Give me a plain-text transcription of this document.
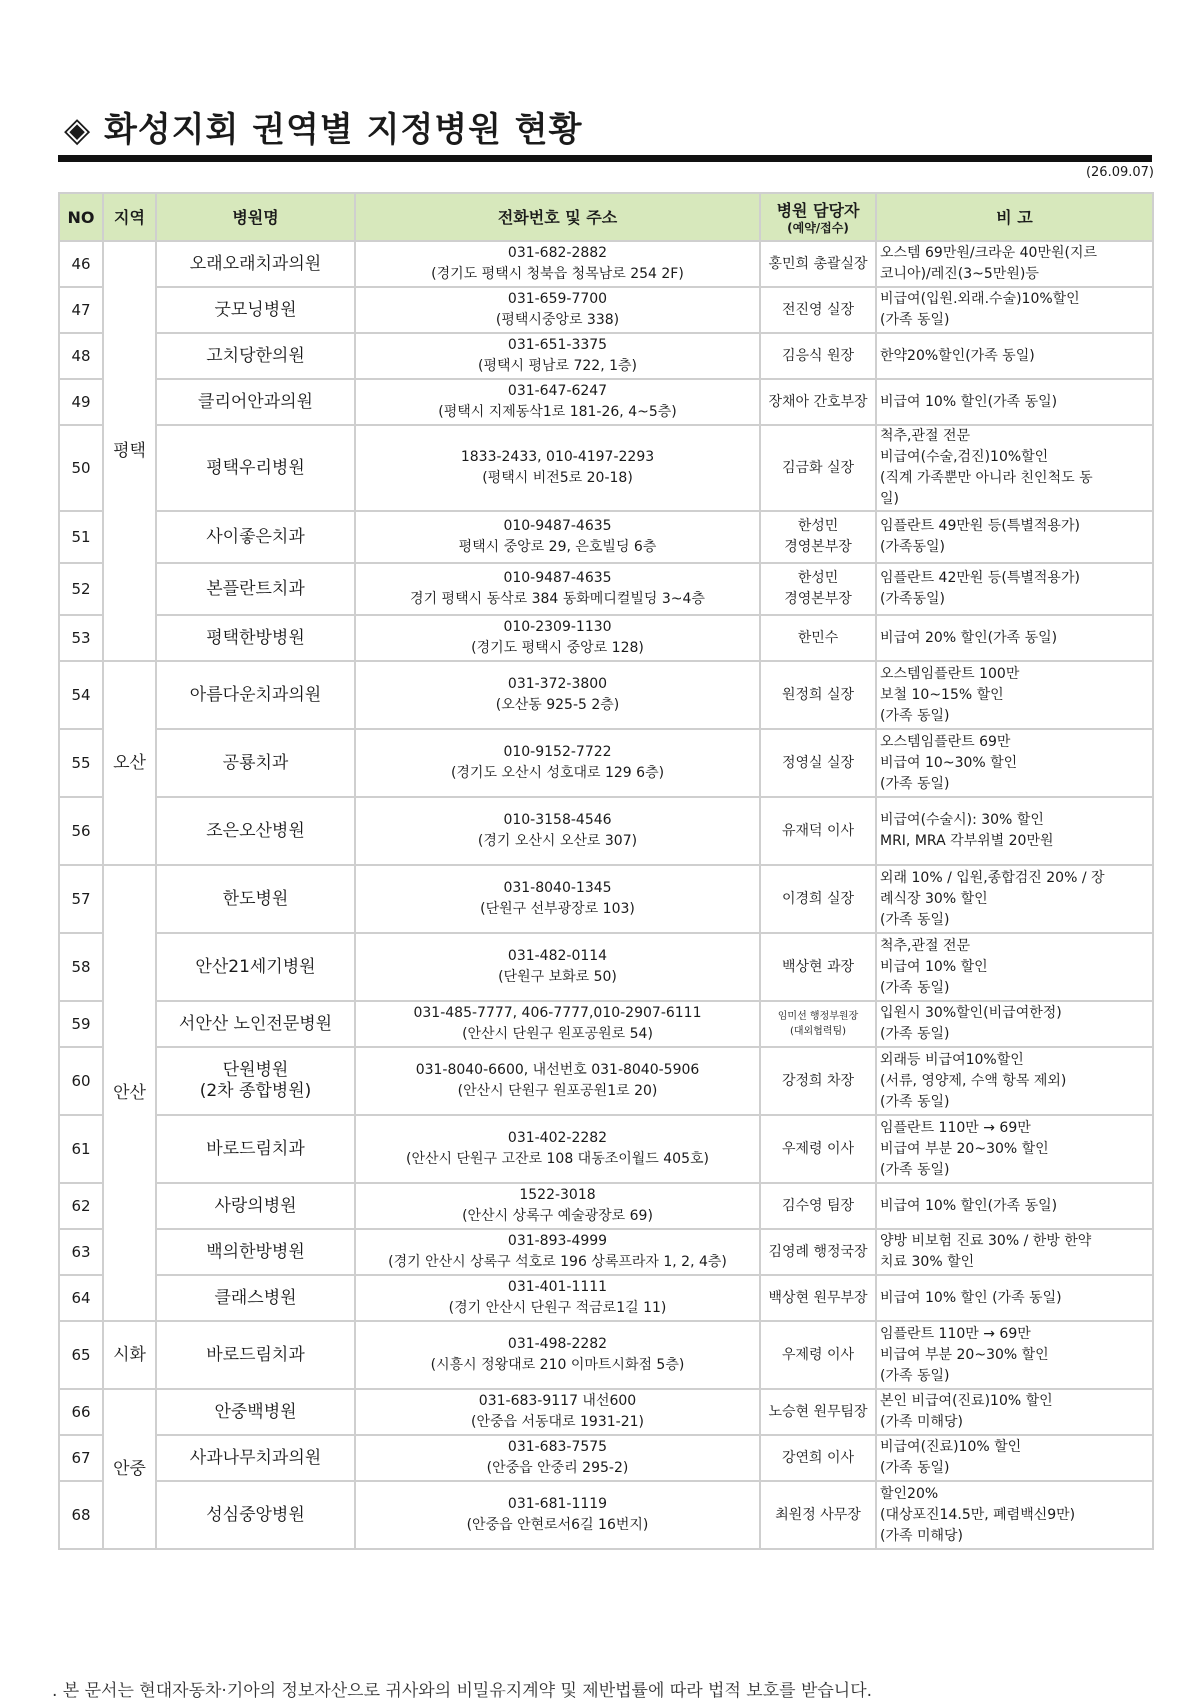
◈ 화성지회 권역별 지정병원 현황
(26.09.07)
NO	지역	병원명	전화번호 및 주소	병원 담당자
(예약/접수)	비 고
46	평택	오래오래치과의원	031-682-2882
(경기도 평택시 청북읍 청목남로 254 2F)	홍민희 총괄실장	오스템 69만원/크라운 40만원(지르
코니아)/레진(3~5만원)등

47		굿모닝병원	031-659-7700
(평택시중앙로 338)	전진영 실장	비급여(입원.외래.수술)10%할인
(가족 동일)

48		고치당한의원	031-651-3375
(평택시 평남로 722, 1층)	김응식 원장	한약20%할인(가족 동일)

49		클리어안과의원	031-647-6247
(평택시 지제동삭1로 181-26, 4~5층)	장채아 간호부장	비급여 10% 할인(가족 동일)

50		평택우리병원	1833-2433, 010-4197-2293
(평택시 비전5로 20-18)	김금화 실장	척추,관절 전문
비급여(수술,검진)10%할인
(직계 가족뿐만 아니라 친인척도 동
일)

51		사이좋은치과	010-9487-4635
평택시 중앙로 29, 은호빌딩 6층	한성민
경영본부장	임플란트 49만원 등(특별적용가)
(가족동일)

52		본플란트치과	010-9487-4635
경기 평택시 동삭로 384 동화메디컬빌딩 3~4층	한성민
경영본부장	임플란트 42만원 등(특별적용가)
(가족동일)

53		평택한방병원	010-2309-1130
(경기도 평택시 중앙로 128)	한민수	비급여 20% 할인(가족 동일)

54	오산	아름다운치과의원	031-372-3800
(오산동 925-5 2층)	원정희 실장	오스템임플란트 100만
보철 10~15% 할인
(가족 동일)

55		공룡치과	010-9152-7722
(경기도 오산시 성호대로 129 6층)	정영실 실장	오스템임플란트 69만
비급여 10~30% 할인
(가족 동일)

56		조은오산병원	010-3158-4546
(경기 오산시 오산로 307)	유재덕 이사	비급여(수술시): 30% 할인
MRI, MRA 각부위별 20만원

57	안산	한도병원	031-8040-1345
(단원구 선부광장로 103)	이경희 실장	외래 10% / 입원,종합검진 20% / 장
례식장 30% 할인
(가족 동일)

58		안산21세기병원	031-482-0114
(단원구 보화로 50)	백상현 과장	척추,관절 전문
비급여 10% 할인
(가족 동일)

59		서안산 노인전문병원	031-485-7777, 406-7777,010-2907-6111
(안산시 단원구 원포공원로 54)	임미선 행정부원장
(대외협력팀)	입원시 30%할인(비급여한정)
(가족 동일)

60		단원병원
(2차 종합병원)	031-8040-6600, 내선번호 031-8040-5906
(안산시 단원구 원포공원1로 20)	강정희 차장	외래등 비급여10%할인
(서류, 영양제, 수액 항목 제외)
(가족 동일)

61		바로드림치과	031-402-2282
(안산시 단원구 고잔로 108 대동조이월드 405호)	우제령 이사	임플란트 110만 → 69만
비급여 부분 20~30% 할인
(가족 동일)

62		사랑의병원	1522-3018
(안산시 상록구 예술광장로 69)	김수영 팀장	비급여 10% 할인(가족 동일)

63		백의한방병원	031-893-4999
(경기 안산시 상록구 석호로 196 상록프라자 1, 2, 4층)	김영례 행정국장	양방 비보험 진료 30% / 한방 한약
치료 30% 할인

64		클래스병원	031-401-1111
(경기 안산시 단원구 적금로1길 11)	백상현 원무부장	비급여 10% 할인 (가족 동일)

65	시화	바로드림치과	031-498-2282
(시흥시 정왕대로 210 이마트시화점 5층)	우제령 이사	임플란트 110만 → 69만
비급여 부분 20~30% 할인
(가족 동일)

66	안중	안중백병원	031-683-9117 내선600
(안중읍 서동대로 1931-21)	노승현 원무팀장	본인 비급여(진료)10% 할인
(가족 미해당)

67		사과나무치과의원	031-683-7575
(안중읍 안중리 295-2)	강연희 이사	비급여(진료)10% 할인
(가족 동일)

68		성심중앙병원	031-681-1119
(안중읍 안현로서6길 16번지)	최원정 사무장	할인20%
(대상포진14.5만, 폐렴백신9만)
(가족 미해당)
. 본 문서는 현대자동차·기아의 정보자산으로 귀사와의 비밀유지계약 및 제반법률에 따라 법적 보호를 받습니다.
